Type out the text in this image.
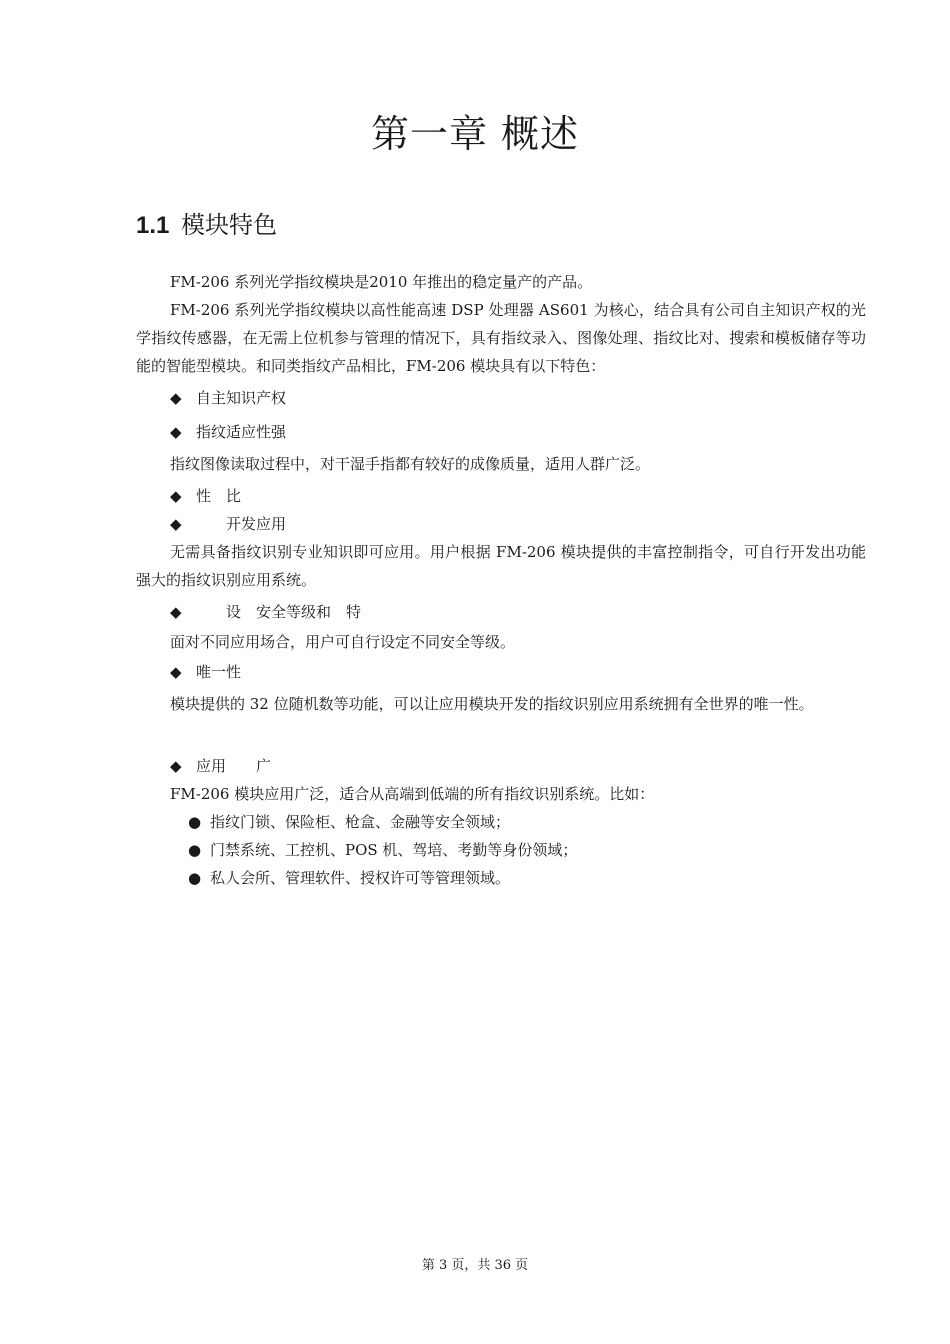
第一章 概述
1.1 模块特色

FM-206 系列光学指纹模块是2010 年推出的稳定量产的产品。

FM-206 系列光学指纹模块以高性能高速 DSP 处理器 AS601 为核心，结合具有公司自主知识产权的光学指纹传感器，在无需上位机参与管理的情况下，具有指纹录入、图像处理、指纹比对、搜索和模板储存等功能的智能型模块。和同类指纹产品相比，FM-206 模块具有以下特色：

◆ 自主知识产权

◆ 指纹适应性强

指纹图像读取过程中，对干湿手指都有较好的成像质量，适用人群广泛。

◆ 性　比

◆　　开发应用

无需具备指纹识别专业知识即可应用。用户根据 FM-206 模块提供的丰富控制指令，可自行开发出功能强大的指纹识别应用系统。

◆　　设　安全等级和　特

面对不同应用场合，用户可自行设定不同安全等级。

◆ 唯一性

模块提供的 32 位随机数等功能，可以让应用模块开发的指纹识别应用系统拥有全世界的唯一性。

◆ 应用　　广

FM-206 模块应用广泛，适合从高端到低端的所有指纹识别系统。比如：

● 指纹门锁、保险柜、枪盒、金融等安全领域；

● 门禁系统、工控机、POS 机、驾培、考勤等身份领域；

● 私人会所、管理软件、授权许可等管理领域。

第 3 页，共 36 页
